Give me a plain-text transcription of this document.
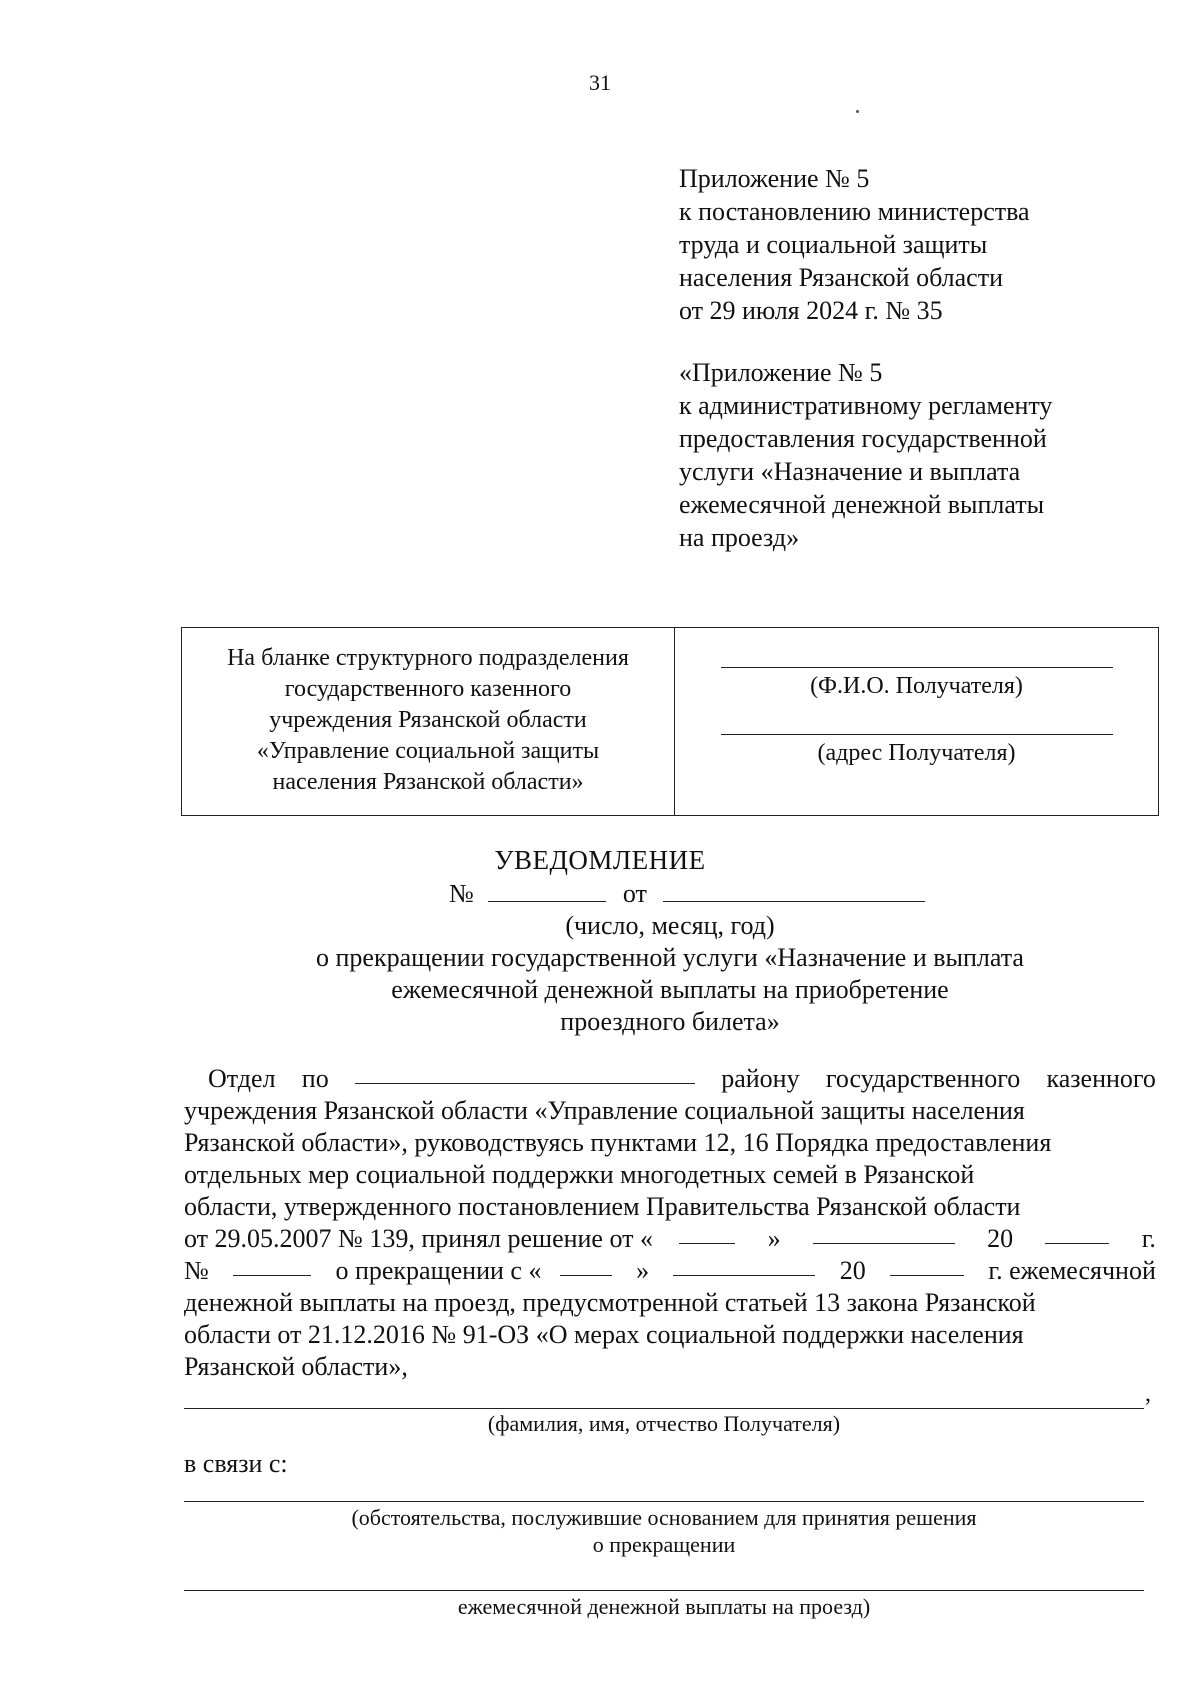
31
Приложение № 5
к постановлению министерства
труда и социальной защиты
населения Рязанской области
от 29 июля 2024 г. № 35
«Приложение № 5
к административному регламенту
предоставления государственной
услуги «Назначение и выплата
ежемесячной денежной выплаты
на проезд»
На бланке структурного подразделения
государственного казенного
учреждения Рязанской области
«Управление социальной защиты
населения Рязанской области»
(Ф.И.О. Получателя)
(адрес Получателя)
УВЕДОМЛЕНИЕ
№	от
(число, месяц, год)
о прекращении государственной услуги «Назначение и выплата
ежемесячной денежной выплаты на приобретение
проездного билета»
Отдел по	району государственного казенного
учреждения Рязанской области «Управление социальной защиты населения
Рязанской области», руководствуясь пунктами 12, 16 Порядка предоставления
отдельных мер социальной поддержки многодетных семей в Рязанской
области, утвержденного постановлением Правительства Рязанской области
от 29.05.2007 № 139, принял решение от «	»	20	г.
№	о прекращении с «	»	20	г. ежемесячной
денежной выплаты на проезд, предусмотренной статьей 13 закона Рязанской
области от 21.12.2016 № 91-ОЗ «О мерах социальной поддержки населения
Рязанской области»,
,
(фамилия, имя, отчество Получателя)
в связи с:
(обстоятельства, послужившие основанием для принятия решения
о прекращении
ежемесячной денежной выплаты на проезд)
